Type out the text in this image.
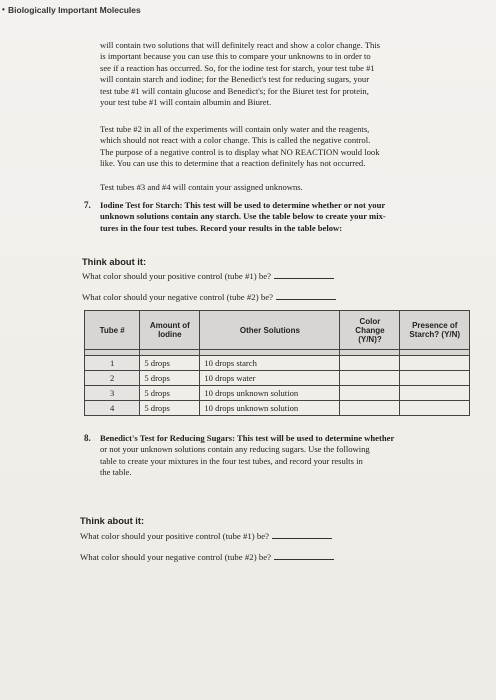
• Biologically Important Molecules
will contain two solutions that will definitely react and show a color change. This
is important because you can use this to compare your unknowns to in order to
see if a reaction has occurred. So, for the iodine test for starch, your test tube #1
will contain starch and iodine; for the Benedict's test for reducing sugars, your
test tube #1 will contain glucose and Benedict's; for the Biuret test for protein,
your test tube #1 will contain albumin and Biuret.
Test tube #2 in all of the experiments will contain only water and the reagents,
which should not react with a color change. This is called the negative control.
The purpose of a negative control is to display what NO REACTION would look
like. You can use this to determine that a reaction definitely has not occurred.
Test tubes #3 and #4 will contain your assigned unknowns.
7. Iodine Test for Starch: This test will be used to determine whether or not your
unknown solutions contain any starch. Use the table below to create your mix-
tures in the four test tubes. Record your results in the table below:
Think about it:
What color should your positive control (tube #1) be?
What color should your negative control (tube #2) be?
Tube #	Amount of Iodine	Other Solutions	Color Change (Y/N)?	Presence of Starch? (Y/N)

1	5 drops	10 drops starch		
2	5 drops	10 drops water		
3	5 drops	10 drops unknown solution		
4	5 drops	10 drops unknown solution		
8. Benedict's Test for Reducing Sugars: This test will be used to determine whether
or not your unknown solutions contain any reducing sugars. Use the following
table to create your mixtures in the four test tubes, and record your results in
the table.
Think about it:
What color should your positive control (tube #1) be?
What color should your negative control (tube #2) be?
